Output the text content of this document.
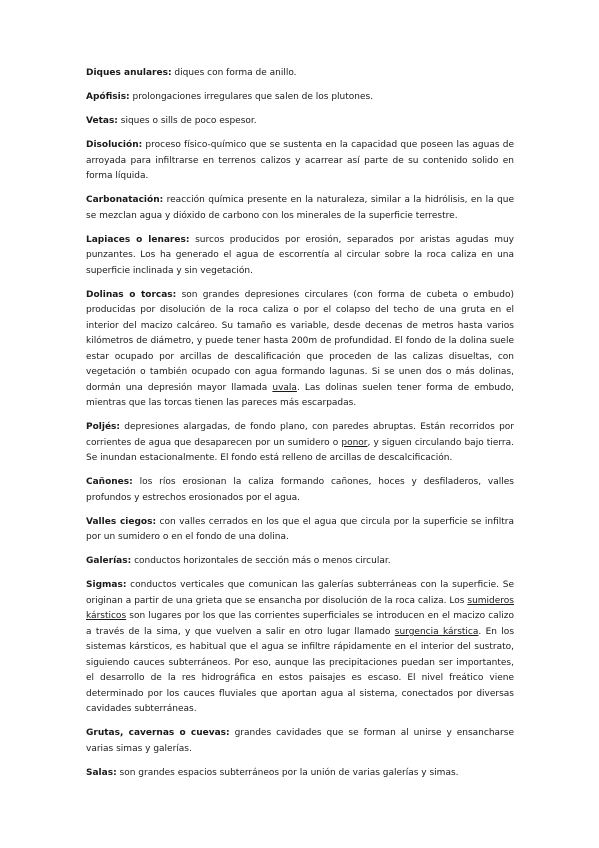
Diques anulares: diques con forma de anillo.

Apófisis: prolongaciones irregulares que salen de los plutones.

Vetas: siques o sills de poco espesor.

Disolución: proceso físico-químico que se sustenta en la capacidad que poseen las aguas de arroyada para infiltrarse en terrenos calizos y acarrear así parte de su contenido solido en forma líquida.

Carbonatación: reacción química presente en la naturaleza, similar a la hidrólisis, en la que se mezclan agua y dióxido de carbono con los minerales de la superficie terrestre.

Lapiaces o lenares: surcos producidos por erosión, separados por aristas agudas muy punzantes. Los ha generado el agua de escorrentía al circular sobre la roca caliza en una superficie inclinada y sin vegetación.

Dolinas o torcas: son grandes depresiones circulares (con forma de cubeta o embudo) producidas por disolución de la roca caliza o por el colapso del techo de una gruta en el interior del macizo calcáreo. Su tamaño es variable, desde decenas de metros hasta varios kilómetros de diámetro, y puede tener hasta 200m de profundidad. El fondo de la dolina suele estar ocupado por arcillas de descalificación que proceden de las calizas disueltas, con vegetación o también ocupado con agua formando lagunas. Si se unen dos o más dolinas, dormán una depresión mayor llamada uvala. Las dolinas suelen tener forma de embudo, mientras que las torcas tienen las pareces más escarpadas.

Poljés: depresiones alargadas, de fondo plano, con paredes abruptas. Están recorridos por corrientes de agua que desaparecen por un sumidero o ponor, y siguen circulando bajo tierra. Se inundan estacionalmente. El fondo está relleno de arcillas de descalcificación.

Cañones: los ríos erosionan la caliza formando cañones, hoces y desfiladeros, valles profundos y estrechos erosionados por el agua.

Valles ciegos: con valles cerrados en los que el agua que circula por la superficie se infiltra por un sumidero o en el fondo de una dolina.

Galerías: conductos horizontales de sección más o menos circular.

Sigmas: conductos verticales que comunican las galerías subterráneas con la superficie. Se originan a partir de una grieta que se ensancha por disolución de la roca caliza. Los sumideros kársticos son lugares por los que las corrientes superficiales se introducen en el macizo calizo a través de la sima, y que vuelven a salir en otro lugar llamado surgencia kárstica. En los sistemas kársticos, es habitual que el agua se infiltre rápidamente en el interior del sustrato, siguiendo cauces subterráneos. Por eso, aunque las precipitaciones puedan ser importantes, el desarrollo de la res hidrográfica en estos paisajes es escaso. El nivel freático viene determinado por los cauces fluviales que aportan agua al sistema, conectados por diversas cavidades subterráneas.

Grutas, cavernas o cuevas: grandes cavidades que se forman al unirse y ensancharse varias simas y galerías.

Salas: son grandes espacios subterráneos por la unión de varias galerías y simas.
